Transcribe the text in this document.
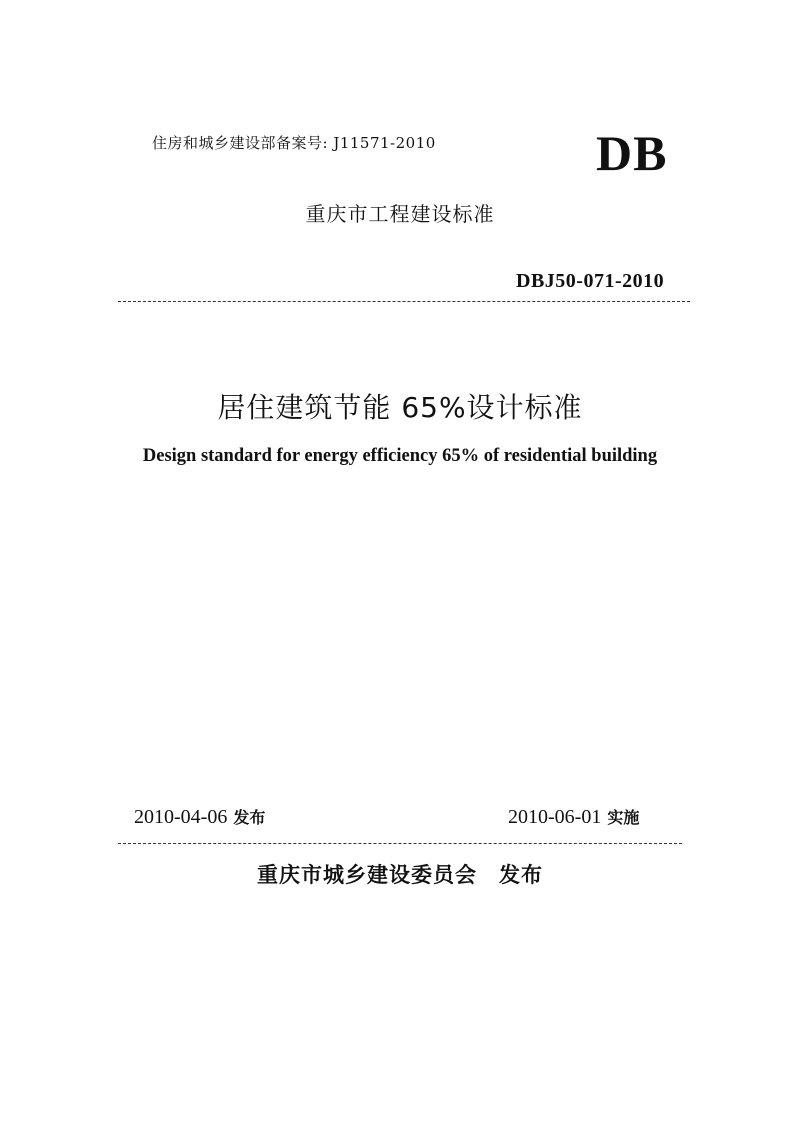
住房和城乡建设部备案号: J11571-2010	DB
重庆市工程建设标准
DBJ50-071-2010
居住建筑节能 65%设计标准
Design standard for energy efficiency 65% of residential building
2010-04-06 发布	2010-06-01 实施
重庆市城乡建设委员会 发布
